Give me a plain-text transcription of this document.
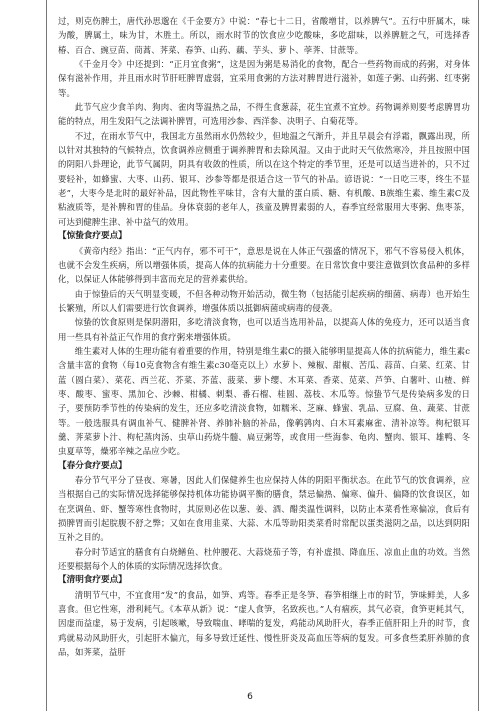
过，则克伤脾土，唐代孙思邈在《千金要方》中说：“春七十二日，省酸增甘，以养脾气”。五行中肝属木，味为酸，脾属土，味为甘，木胜土。所以，雨水时节的饮食应少吃酸味，多吃甜味，以养脾脏之气，可选择香椿、百合、豌豆苗、茼蒿、荠菜、春笋、山药、藕、芋头、萝卜、荸荠、甘蔗等。

《千金月令》中还提到：“正月宜食粥”，这是因为粥是易消化的食物，配合一些药物而成的药粥，对身体保有滋补作用，并且雨水时节肝旺脾胃虚弱，宜采用食粥的方法对脾胃进行滋补，如莲子粥、山药粥、红枣粥等。

此节气应少食羊肉、狗肉、雀肉等温热之品，不得生食葱蒜，花生宜煮不宜炒。药物调养则要考虑脾胃功能的特点，用生发阳气之法调补脾胃，可选用沙参、西洋参、决明子、白菊花等。

不过，在雨水节气中，我国北方虽然雨水仍然较少，但地温之气渐升，并且早晨会有浮霜，飘露出现，所以针对其独特的气候特点，饮食调养应侧重于调养脾胃和去除风湿。又由于此时天气依然寒冷，并且按照中国的阴阳八卦理论，此节气属阴，阴具有收敛的性质，所以在这个特定的季节里，还是可以适当进补的，只不过要轻补，如蜂蜜、大枣、山药、银耳、沙参等都是很适合这一节气的补品。谚语说：“一日吃三枣，终生不显老”，大枣今是北时的最好补品，因此物性平味甘，含有大量的蛋白质、糖、有机酸、B族维生素、维生素C及粘液质等，是补脾和胃的佳品。身体衰弱的老年人，孩童及脾胃素弱的人，春季宜经常服用大枣粥、焦枣茶，可达到健脾生津、补中益气的效用。

【惊蛰食疗要点】

《黄帝内经》指出：“正气内存，邪不可干”，意思是说在人体正气强盛的情况下，邪气不容易侵入机体，也就不会发生疾病，所以增强体质，提高人体的抗病能力十分重要。在日常饮食中要注意做到饮食品种的多样化，以保证人体能够得到丰富而充足的营养素供给。

由于惊蛰后的天气明显变暖，不但各种动物开始活动，微生物（包括能引起疾病的细菌、病毒）也开始生长繁殖，所以人们需要进行饮食调养，增强体质以抵御病菌或病毒的侵袭。

惊蛰的饮食原则是保阴潜阳，多吃清淡食物，也可以适当选用补品，以提高人体的免疫力，还可以适当食用一些具有补益正气作用的食疗粥来增强体质。

维生素对人体的生理功能有着重要的作用，特别是维生素C的摄入能够明显提高人体的抗病能力，维生素c含量丰富的食物（每10克食物含有维生素c30毫克以上）水萝卜、辣椒、甜椒、苦瓜、蒜苗、白菜、红菜、甘蓝（圆白菜）、菜花、西兰花、芥菜、芥蓝、菠菜、萝卜缨、木耳菜、香菜、苋菜、芦笋、白薯叶、山楂、鲜枣、酸枣、蜜枣、黑加仑、沙棘、柑橘、刺梨、番石榴、桂圆、荔枝、木瓜等。惊蛰节气是传染病多发的日子，要预防季节性的传染病的发生，还应多吃清淡食物，如糯米、芝麻、蜂蜜、乳品、豆腐、鱼、蔬菜、甘蔗等。一般选服具有调血补气、健脾补肾、养肺补脑的补品，像鹌鹑肉、白木耳素麻雀、清补凉等。枸杞银耳羹、荠菜萝卜汁、枸杞蒸肉汤、虫草山药烧牛髓、扁豆粥等，或食用一些海参、龟肉、蟹肉、银耳、雄鸭、冬虫夏草等，燥邪辛辣之品应少吃。

【春分食疗要点】

春分节气平分了昼夜、寒暑，因此人们保健养生也应保持人体的阴阳平衡状态。在此节气的饮食调养，应当根据自己的实际情况选择能够保持机体功能协调平衡的膳食，禁忌偏热、偏寒、偏升、偏降的饮食误区，如在烹调鱼、虾、蟹等寒性食物时，其原则必佐以葱、姜、酒、醋类温性调料，以防止本菜肴性寒偏凉，食后有损脾胃而引起脘腹不舒之弊；又如在食用韭菜、大蒜、木瓜等助阳类菜肴时常配以蛋类滋阴之品，以达到阴阳互补之目的。

春分时节适宜的膳食有白烧鳝鱼、杜仲腰花、大蒜烧茄子等，有补虚损、降血压、凉血止血的功效。当然还要根据每个人的体质的实际情况选择饮食。

【清明食疗要点】

清明节气中，不宜食用“发”的食品，如笋、鸡等。春季正是冬笋、春笋相继上市的时节，笋味鲜美，人多喜食。但它性寒，滑利耗气。《本草从新》说：“虚人食笋，名致疾也。”人有痼疾，其气必衰，食笋更耗其气，因虚而益虚，易于发病，引起咳嗽，导致喘血、哮喘的复发，鸡能动风助肝火，春季正值肝阳上升的时节，食鸡就易动风助肝火，引起肝木偏亢，每多导致迁延性、慢性肝炎及高血压等病的复发。可多食些柔肝养肺的食品，如荠菜，益肝

6
